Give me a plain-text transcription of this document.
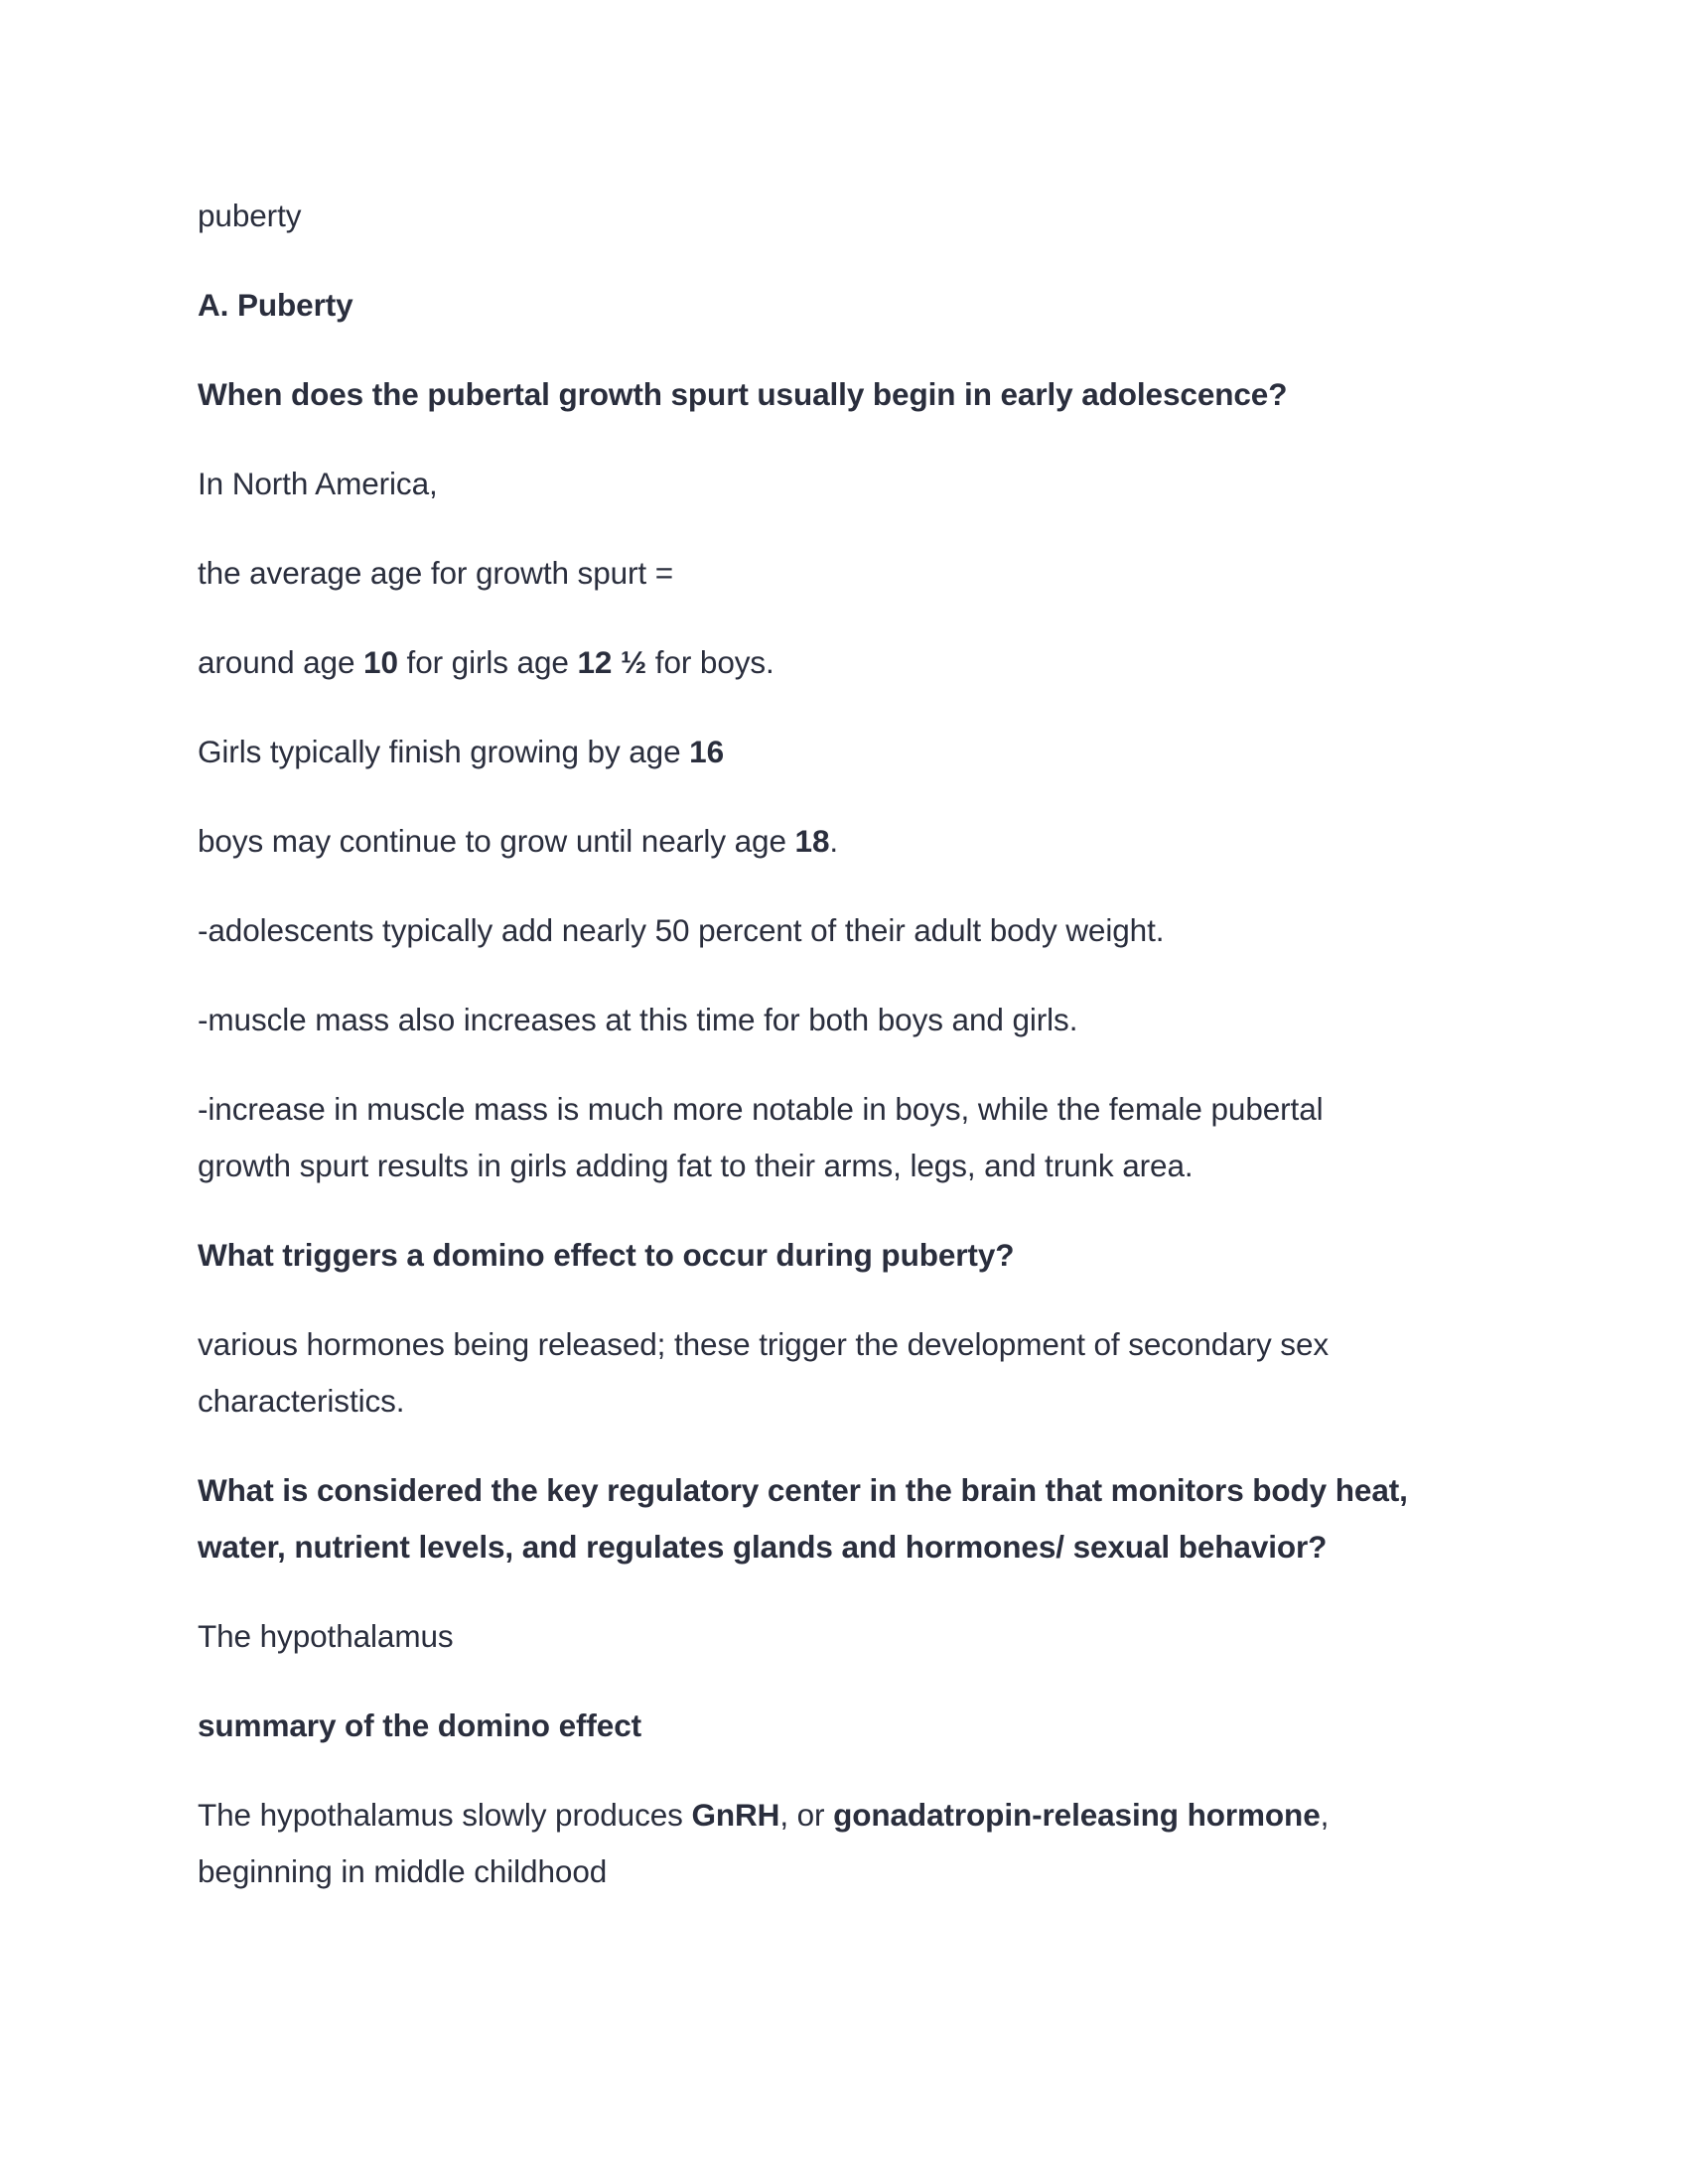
puberty
A. Puberty
When does the pubertal growth spurt usually begin in early adolescence?
In North America,
the average age for growth spurt =
around age 10 for girls age 12 ½ for boys.
Girls typically finish growing by age 16
boys may continue to grow until nearly age 18.
-adolescents typically add nearly 50 percent of their adult body weight.
-muscle mass also increases at this time for both boys and girls.
-increase in muscle mass is much more notable in boys, while the female pubertal
growth spurt results in girls adding fat to their arms, legs, and trunk area.
What triggers a domino effect to occur during puberty?
various hormones being released; these trigger the development of secondary sex
characteristics.
What is considered the key regulatory center in the brain that monitors body heat,
water, nutrient levels, and regulates glands and hormones/ sexual behavior?
The hypothalamus
summary of the domino effect
The hypothalamus slowly produces GnRH, or gonadatropin-releasing hormone,
beginning in middle childhood
